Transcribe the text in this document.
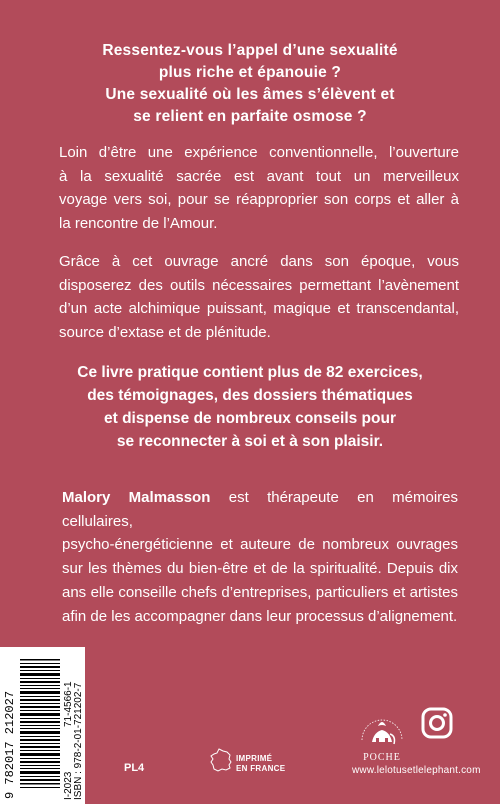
Ressentez-vous l’appel d’une sexualité
plus riche et épanouie ?
Une sexualité où les âmes s’élèvent et
se relient en parfaite osmose ?
Loin d’être une expérience conventionnelle, l’ouverture
à la sexualité sacrée est avant tout un merveilleux
voyage vers soi, pour se réapproprier son corps et aller à
la rencontre de l’Amour.
Grâce à cet ouvrage ancré dans son époque, vous
disposerez des outils nécessaires permettant l’avènement
d’un acte alchimique puissant, magique et transcendantal,
source d’extase et de plénitude.
Ce livre pratique contient plus de 82 exercices,
des témoignages, des dossiers thématiques
et dispense de nombreux conseils pour
se reconnecter à soi et à son plaisir.
Malory Malmasson est thérapeute en mémoires cellulaires,
psycho-énergéticienne et auteure de nombreux ouvrages
sur les thèmes du bien-être et de la spiritualité. Depuis dix
ans elle conseille chefs d’entreprises, particuliers et artistes
afin de les accompagner dans leur processus d’alignement.
9 782017 212027	71-4566-1
I-2023 ISBN : 978-2-01-721202-7	PL4
IMPRIMÉ
EN FRANCE
POCHE
www.lelotusetlelephant.com
